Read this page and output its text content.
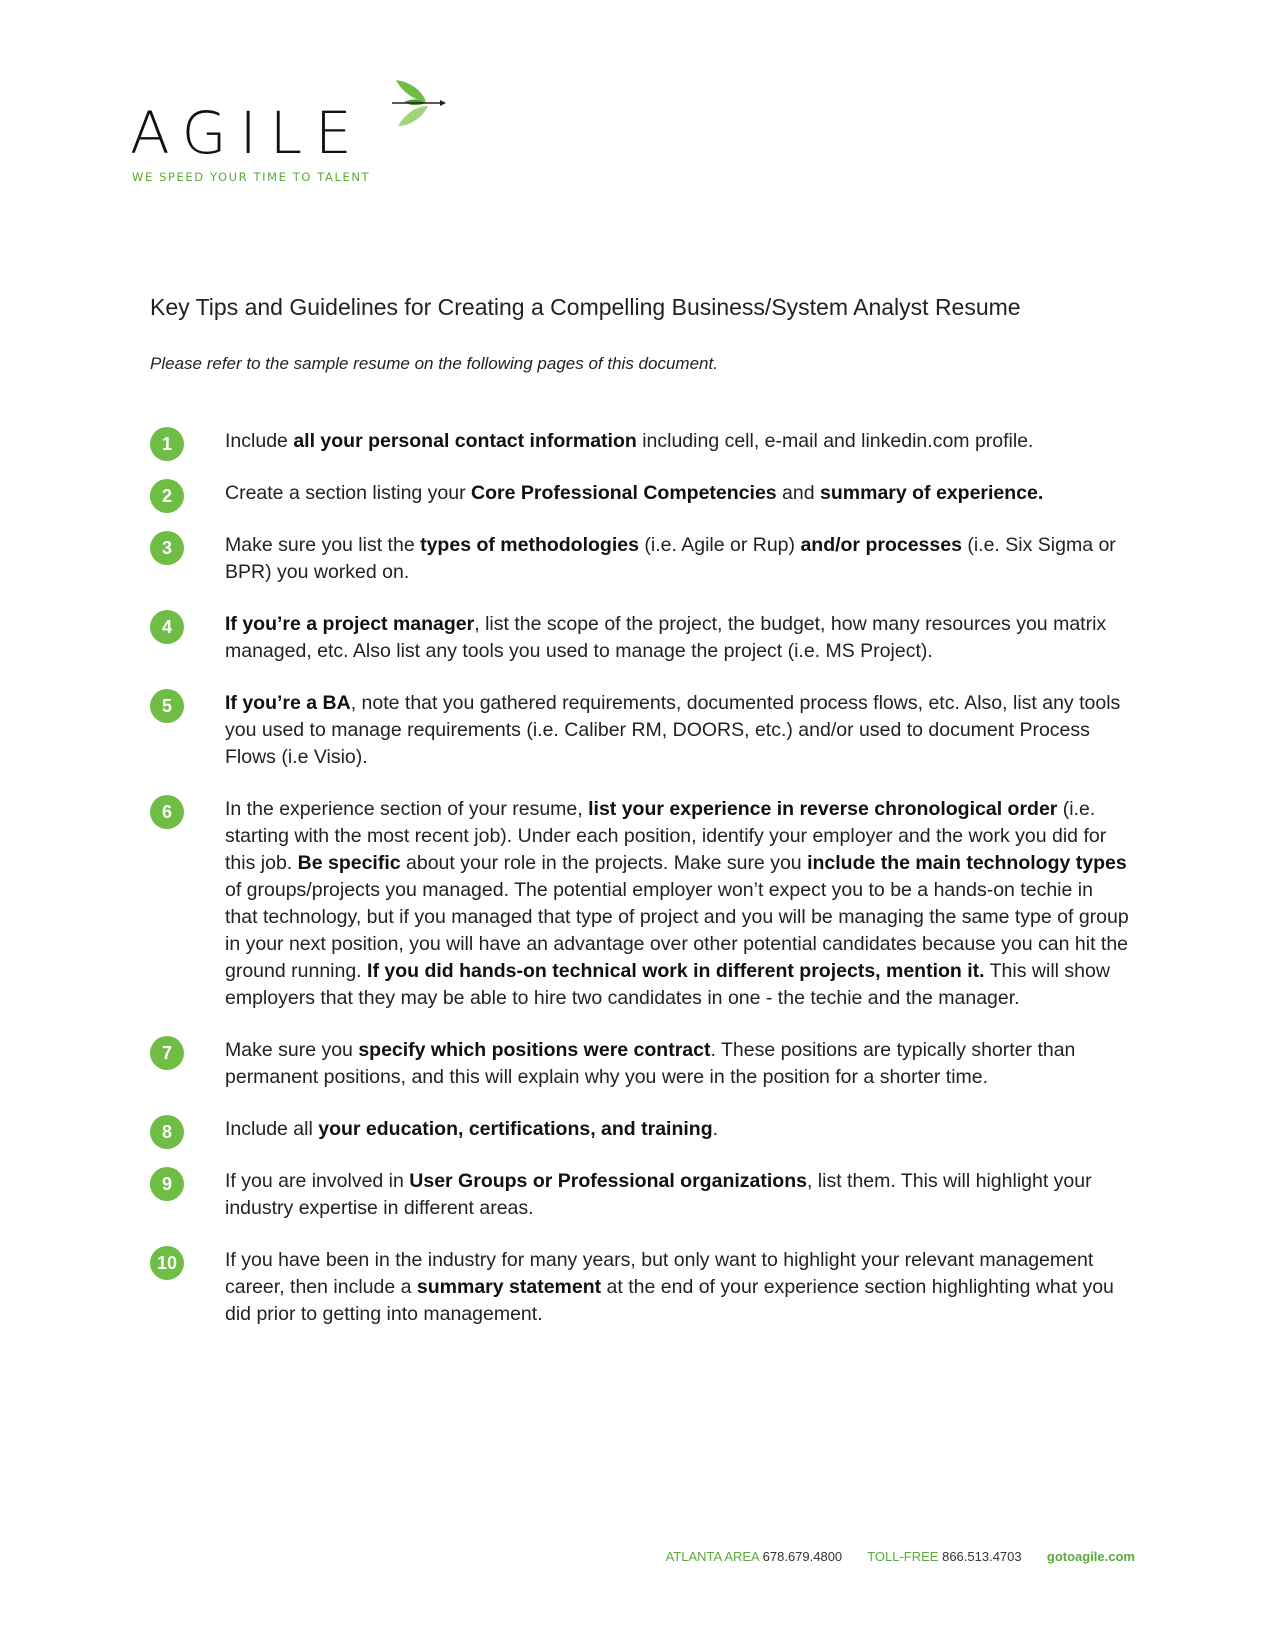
AGILE
WE SPEED YOUR TIME TO TALENT
Key Tips and Guidelines for Creating a Compelling Business/System Analyst Resume
Please refer to the sample resume on the following pages of this document.
1	Include all your personal contact information including cell, e-mail and linkedin.com profile.
2	Create a section listing your Core Professional Competencies and summary of experience.
3	Make sure you list the types of methodologies (i.e. Agile or Rup) and/or processes (i.e. Six Sigma or BPR) you worked on.
4	If you’re a project manager, list the scope of the project, the budget, how many resources you matrix managed, etc. Also list any tools you used to manage the project (i.e. MS Project).
5	If you’re a BA, note that you gathered requirements, documented process flows, etc. Also, list any tools you used to manage requirements (i.e. Caliber RM, DOORS, etc.) and/or used to document Process Flows (i.e Visio).
6	In the experience section of your resume, list your experience in reverse chronological order (i.e. starting with the most recent job). Under each position, identify your employer and the work you did for this job. Be specific about your role in the projects. Make sure you include the main technology types of groups/projects you managed. The potential employer won’t expect you to be a hands-on techie in that technology, but if you managed that type of project and you will be managing the same type of group in your next position, you will have an advantage over other potential candidates because you can hit the ground running. If you did hands-on technical work in different projects, mention it. This will show employers that they may be able to hire two candidates in one - the techie and the manager.
7	Make sure you specify which positions were contract. These positions are typically shorter than permanent positions, and this will explain why you were in the position for a shorter time.
8	Include all your education, certifications, and training.
9	If you are involved in User Groups or Professional organizations, list them. This will highlight your industry expertise in different areas.
10	If you have been in the industry for many years, but only want to highlight your relevant management career, then include a summary statement at the end of your experience section highlighting what you did prior to getting into management.
ATLANTA AREA 678.679.4800 TOLL-FREE 866.513.4703 gotoagile.com
